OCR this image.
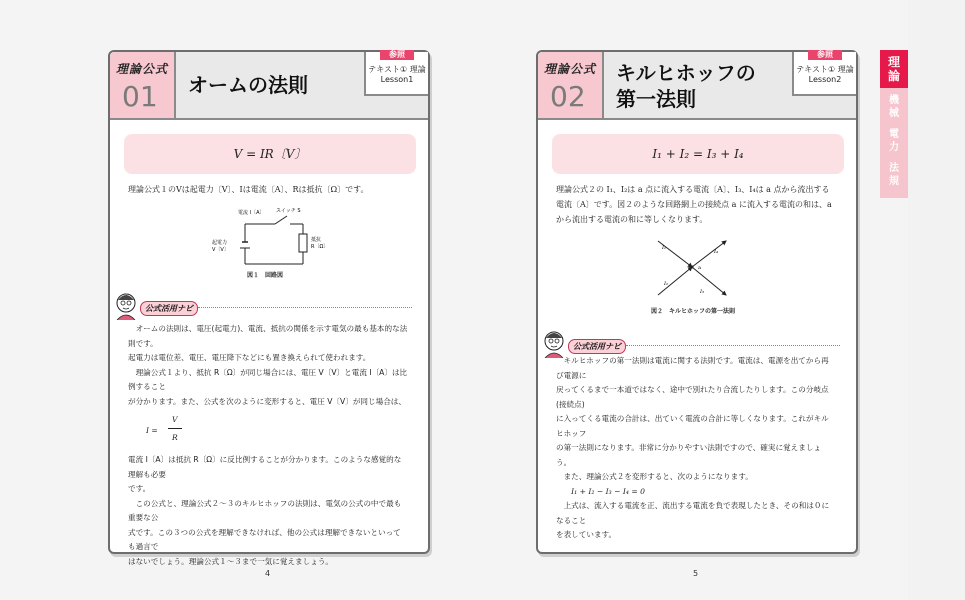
理論公式
01 オームの法則
参照
テキスト① 理論
Lesson1
V = IR〔V〕
理論公式１のVは起電力〔V〕、Iは電流〔A〕、Rは抵抗〔Ω〕です。
電流 I〔A〕 スイッチ S
起電力
V〔V〕
抵抗
R〔Ω〕
図１　回路図
公式活用ナビ
　オームの法則は、電圧(起電力)、電流、抵抗の関係を示す電気の最も基本的な法則です。
起電力は電位差、電圧、電圧降下などにも置き換えられて使われます。
　理論公式１より、抵抗 R〔Ω〕が同じ場合には、電圧 V〔V〕と電流 I〔A〕は比例すること
が分かります。また、公式を次のように変形すると、電圧 V〔V〕が同じ場合は、
I =
V
R
電流 I〔A〕は抵抗 R〔Ω〕に反比例することが分かります。このような感覚的な理解も必要
です。
　この公式と、理論公式２～３のキルヒホッフの法則は、電気の公式の中で最も重要な公
式です。この３つの公式を理解できなければ、他の公式は理解できないといっても過言で
はないでしょう。理論公式１～３まで一気に覚えましょう。
4
理論公式
02
キルヒホッフの
第一法則
参照
テキスト① 理論
Lesson2
I₁ + I₂ = I₃ + I₄
理論公式２の I₁、I₂は a 点に流入する電流〔A〕、I₃、I₄は a 点から流出する
電流〔A〕です。図２のような回路網上の接続点 a に流入する電流の和は、a
から流出する電流の和に等しくなります。
I₁
I₄
a
I₂
I₃
図２　キルヒホッフの第一法則
公式活用ナビ
　キルヒホッフの第一法則は電流に関する法則です。電流は、電源を出てから再び電源に
戻ってくるまで一本道ではなく、途中で別れたり合流したりします。この分岐点(接続点)
に入ってくる電流の合計は、出ていく電流の合計に等しくなります。これがキルヒホッフ
の第一法則になります。非常に分かりやすい法則ですので、確実に覚えましょう。
　また、理論公式２を変形すると、次のようになります。
　　I₁ + I₂ − I₃ − I₄ = 0
　上式は、流入する電流を正、流出する電流を負で表現したとき、その和は０になること
を表しています。
5
理論
機械
電力
法規
